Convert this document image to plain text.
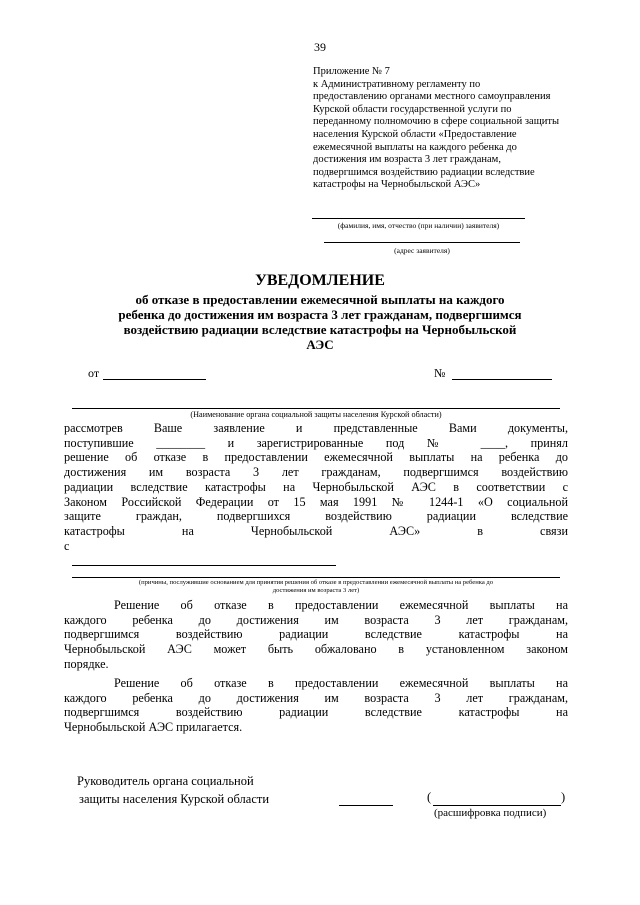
39
Приложение № 7
к Административному регламенту по
предоставлению органами местного самоуправления
Курской области государственной услуги по
переданному полномочию в сфере социальной защиты
населения Курской области «Предоставление
ежемесячной выплаты на каждого ребенка до
достижения им возраста 3 лет гражданам,
подвергшимся воздействию радиации вследствие
катастрофы на Чернобыльской АЭС»
(фамилия, имя, отчество (при наличии) заявителя)
(адрес заявителя)
УВЕДОМЛЕНИЕ
об отказе в предоставлении ежемесячной выплаты на каждого
ребенка до достижения им возраста 3 лет гражданам, подвергшимся
воздействию радиации вследствие катастрофы на Чернобыльской
АЭС
от	№
(Наименование органа социальной защиты населения Курской области)
рассмотрев Ваше заявление и представленные Вами документы,
поступившие ________ и зарегистрированные под № ____, принял
решение об отказе в предоставлении ежемесячной выплаты на ребенка до
достижения им возраста 3 лет гражданам, подвергшимся воздействию
радиации вследствие катастрофы на Чернобыльской АЭС в соответствии с
Законом Российской Федерации от 15 мая 1991 № 1244-1 «О социальной
защите граждан, подвергшихся воздействию радиации вследствие
катастрофы на Чернобыльской АЭС» в связи
с
(причины, послужившие основанием для принятия решения об отказе в предоставлении ежемесячной выплаты на ребенка до
достижения им возраста 3 лет)
Решение об отказе в предоставлении ежемесячной выплаты на
каждого ребенка до достижения им возраста 3 лет гражданам,
подвергшимся воздействию радиации вследствие катастрофы на
Чернобыльской АЭС может быть обжаловано в установленном законом
порядке.
Решение об отказе в предоставлении ежемесячной выплаты на
каждого ребенка до достижения им возраста 3 лет гражданам,
подвергшимся воздействию радиации вследствие катастрофы на
Чернобыльской АЭС прилагается.
Руководитель органа социальной
защиты населения Курской области	(	)
(расшифровка подписи)
